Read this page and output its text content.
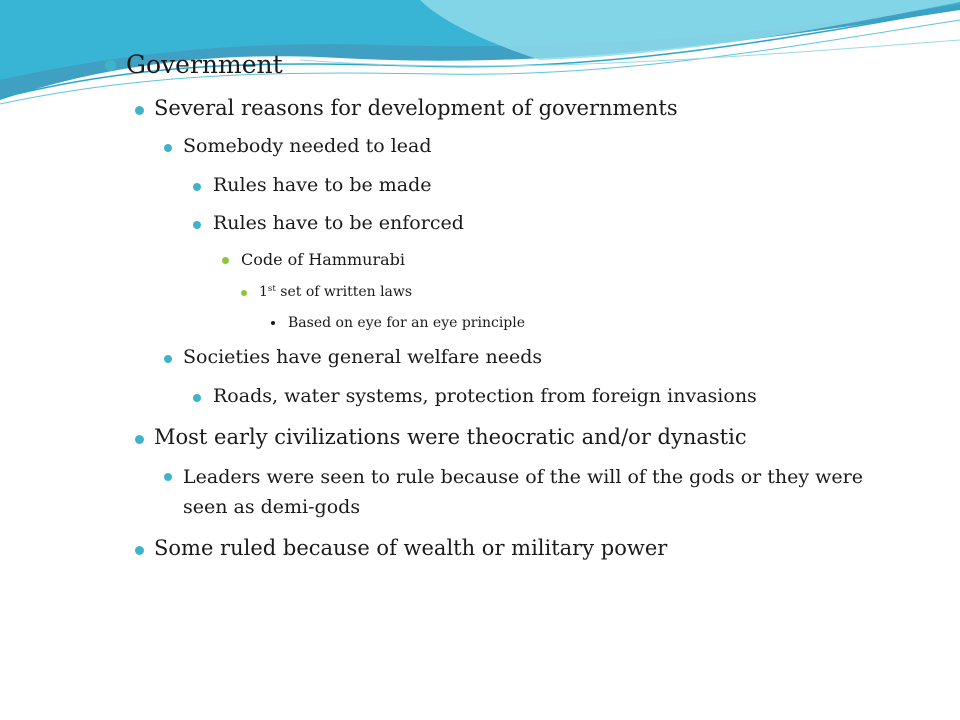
Government
Several reasons for development of governments
Somebody needed to lead
Rules have to be made
Rules have to be enforced
Code of Hammurabi
1st set of written laws
Based on eye for an eye principle
Societies have general welfare needs
Roads, water systems, protection from foreign invasions
Most early civilizations were theocratic and/or dynastic
Leaders were seen to rule because of the will of the gods or they were seen as demi-gods
Some ruled because of wealth or military power
